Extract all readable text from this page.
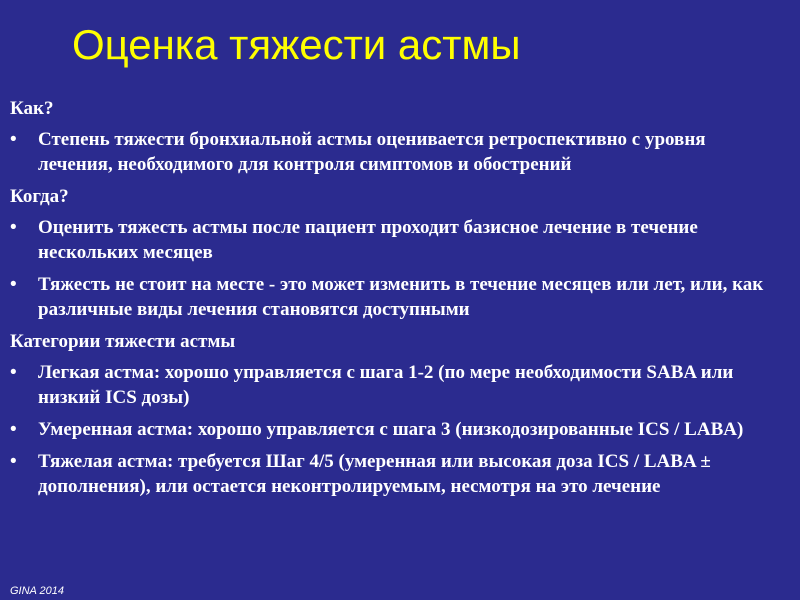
Оценка тяжести астмы

Как?

• Степень тяжести бронхиальной астмы оценивается ретроспективно с уровня лечения, необходимого для контроля симптомов и обострений

Когда?

• Оценить тяжесть астмы после пациент проходит базисное лечение в течение нескольких месяцев
• Тяжесть не стоит на месте - это может изменить в течение месяцев или лет, или, как различные виды лечения становятся доступными

Категории тяжести астмы

• Легкая астма: хорошо управляется с шага 1-2 (по мере необходимости SABA или низкий ICS дозы)
• Умеренная астма: хорошо управляется с шага 3 (низкодозированные ICS / LABA)
• Тяжелая астма: требуется Шаг 4/5 (умеренная или высокая доза ICS / LABA ± дополнения), или остается неконтролируемым, несмотря на это лечение
GINA 2014
